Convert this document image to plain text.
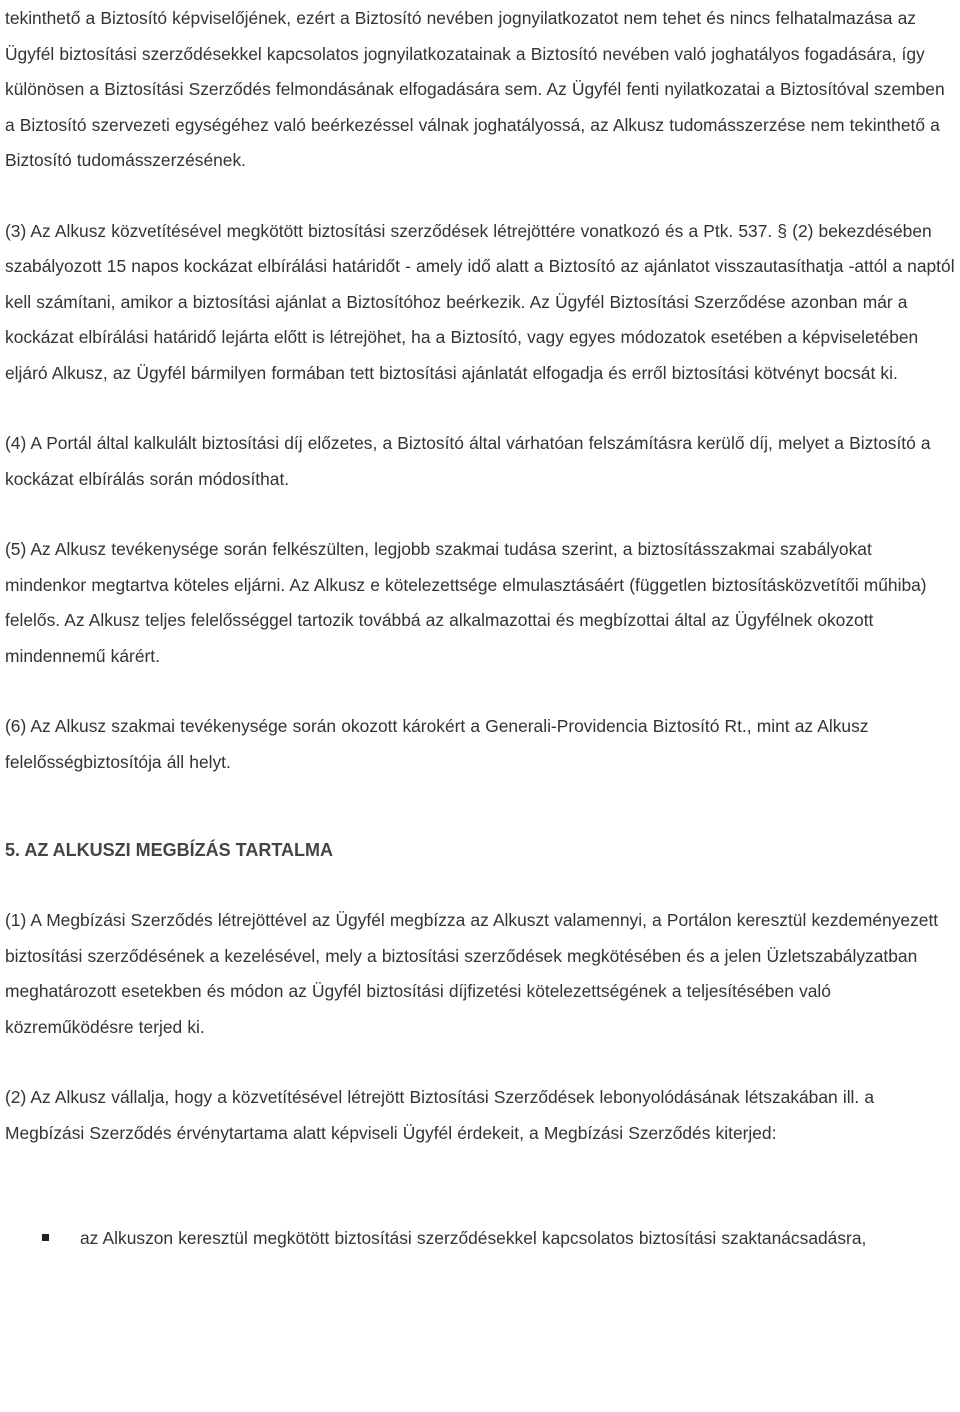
tekinthető a Biztosító képviselőjének, ezért a Biztosító nevében jognyilatkozatot nem tehet és nincs felhatalmazása az Ügyfél biztosítási szerződésekkel kapcsolatos jognyilatkozatainak a Biztosító nevében való joghatályos fogadására, így különösen a Biztosítási Szerződés felmondásának elfogadására sem. Az Ügyfél fenti nyilatkozatai a Biztosítóval szemben a Biztosító szervezeti egységéhez való beérkezéssel válnak joghatályossá, az Alkusz tudomásszerzése nem tekinthető a Biztosító tudomásszerzésének.

(3) Az Alkusz közvetítésével megkötött biztosítási szerződések létrejöttére vonatkozó és a Ptk. 537. § (2) bekezdésében szabályozott 15 napos kockázat elbírálási határidőt - amely idő alatt a Biztosító az ajánlatot visszautasíthatja -attól a naptól kell számítani, amikor a biztosítási ajánlat a Biztosítóhoz beérkezik. Az Ügyfél Biztosítási Szerződése azonban már a kockázat elbírálási határidő lejárta előtt is létrejöhet, ha a Biztosító, vagy egyes módozatok esetében a képviseletében eljáró Alkusz, az Ügyfél bármilyen formában tett biztosítási ajánlatát elfogadja és erről biztosítási kötvényt bocsát ki.

(4) A Portál által kalkulált biztosítási díj előzetes, a Biztosító által várhatóan felszámításra kerülő díj, melyet a Biztosító a kockázat elbírálás során módosíthat.

(5) Az Alkusz tevékenysége során felkészülten, legjobb szakmai tudása szerint, a biztosításszakmai szabályokat mindenkor megtartva köteles eljárni. Az Alkusz e kötelezettsége elmulasztásáért (független biztosításközvetítői műhiba) felelős. Az Alkusz teljes felelősséggel tartozik továbbá az alkalmazottai és megbízottai által az Ügyfélnek okozott mindennemű kárért.

(6) Az Alkusz szakmai tevékenysége során okozott károkért a Generali-Providencia Biztosító Rt., mint az Alkusz felelősségbiztosítója áll helyt.

5. AZ ALKUSZI MEGBÍZÁS TARTALMA

(1) A Megbízási Szerződés létrejöttével az Ügyfél megbízza az Alkuszt valamennyi, a Portálon keresztül kezdeményezett biztosítási szerződésének a kezelésével, mely a biztosítási szerződések megkötésében és a jelen Üzletszabályzatban meghatározott esetekben és módon az Ügyfél biztosítási díjfizetési kötelezettségének a teljesítésében való közreműködésre terjed ki.

(2) Az Alkusz vállalja, hogy a közvetítésével létrejött Biztosítási Szerződések lebonyolódásának létszakában ill. a Megbízási Szerződés érvénytartama alatt képviseli Ügyfél érdekeit, a Megbízási Szerződés kiterjed:

az Alkuszon keresztül megkötött biztosítási szerződésekkel kapcsolatos biztosítási szaktanácsadásra,
